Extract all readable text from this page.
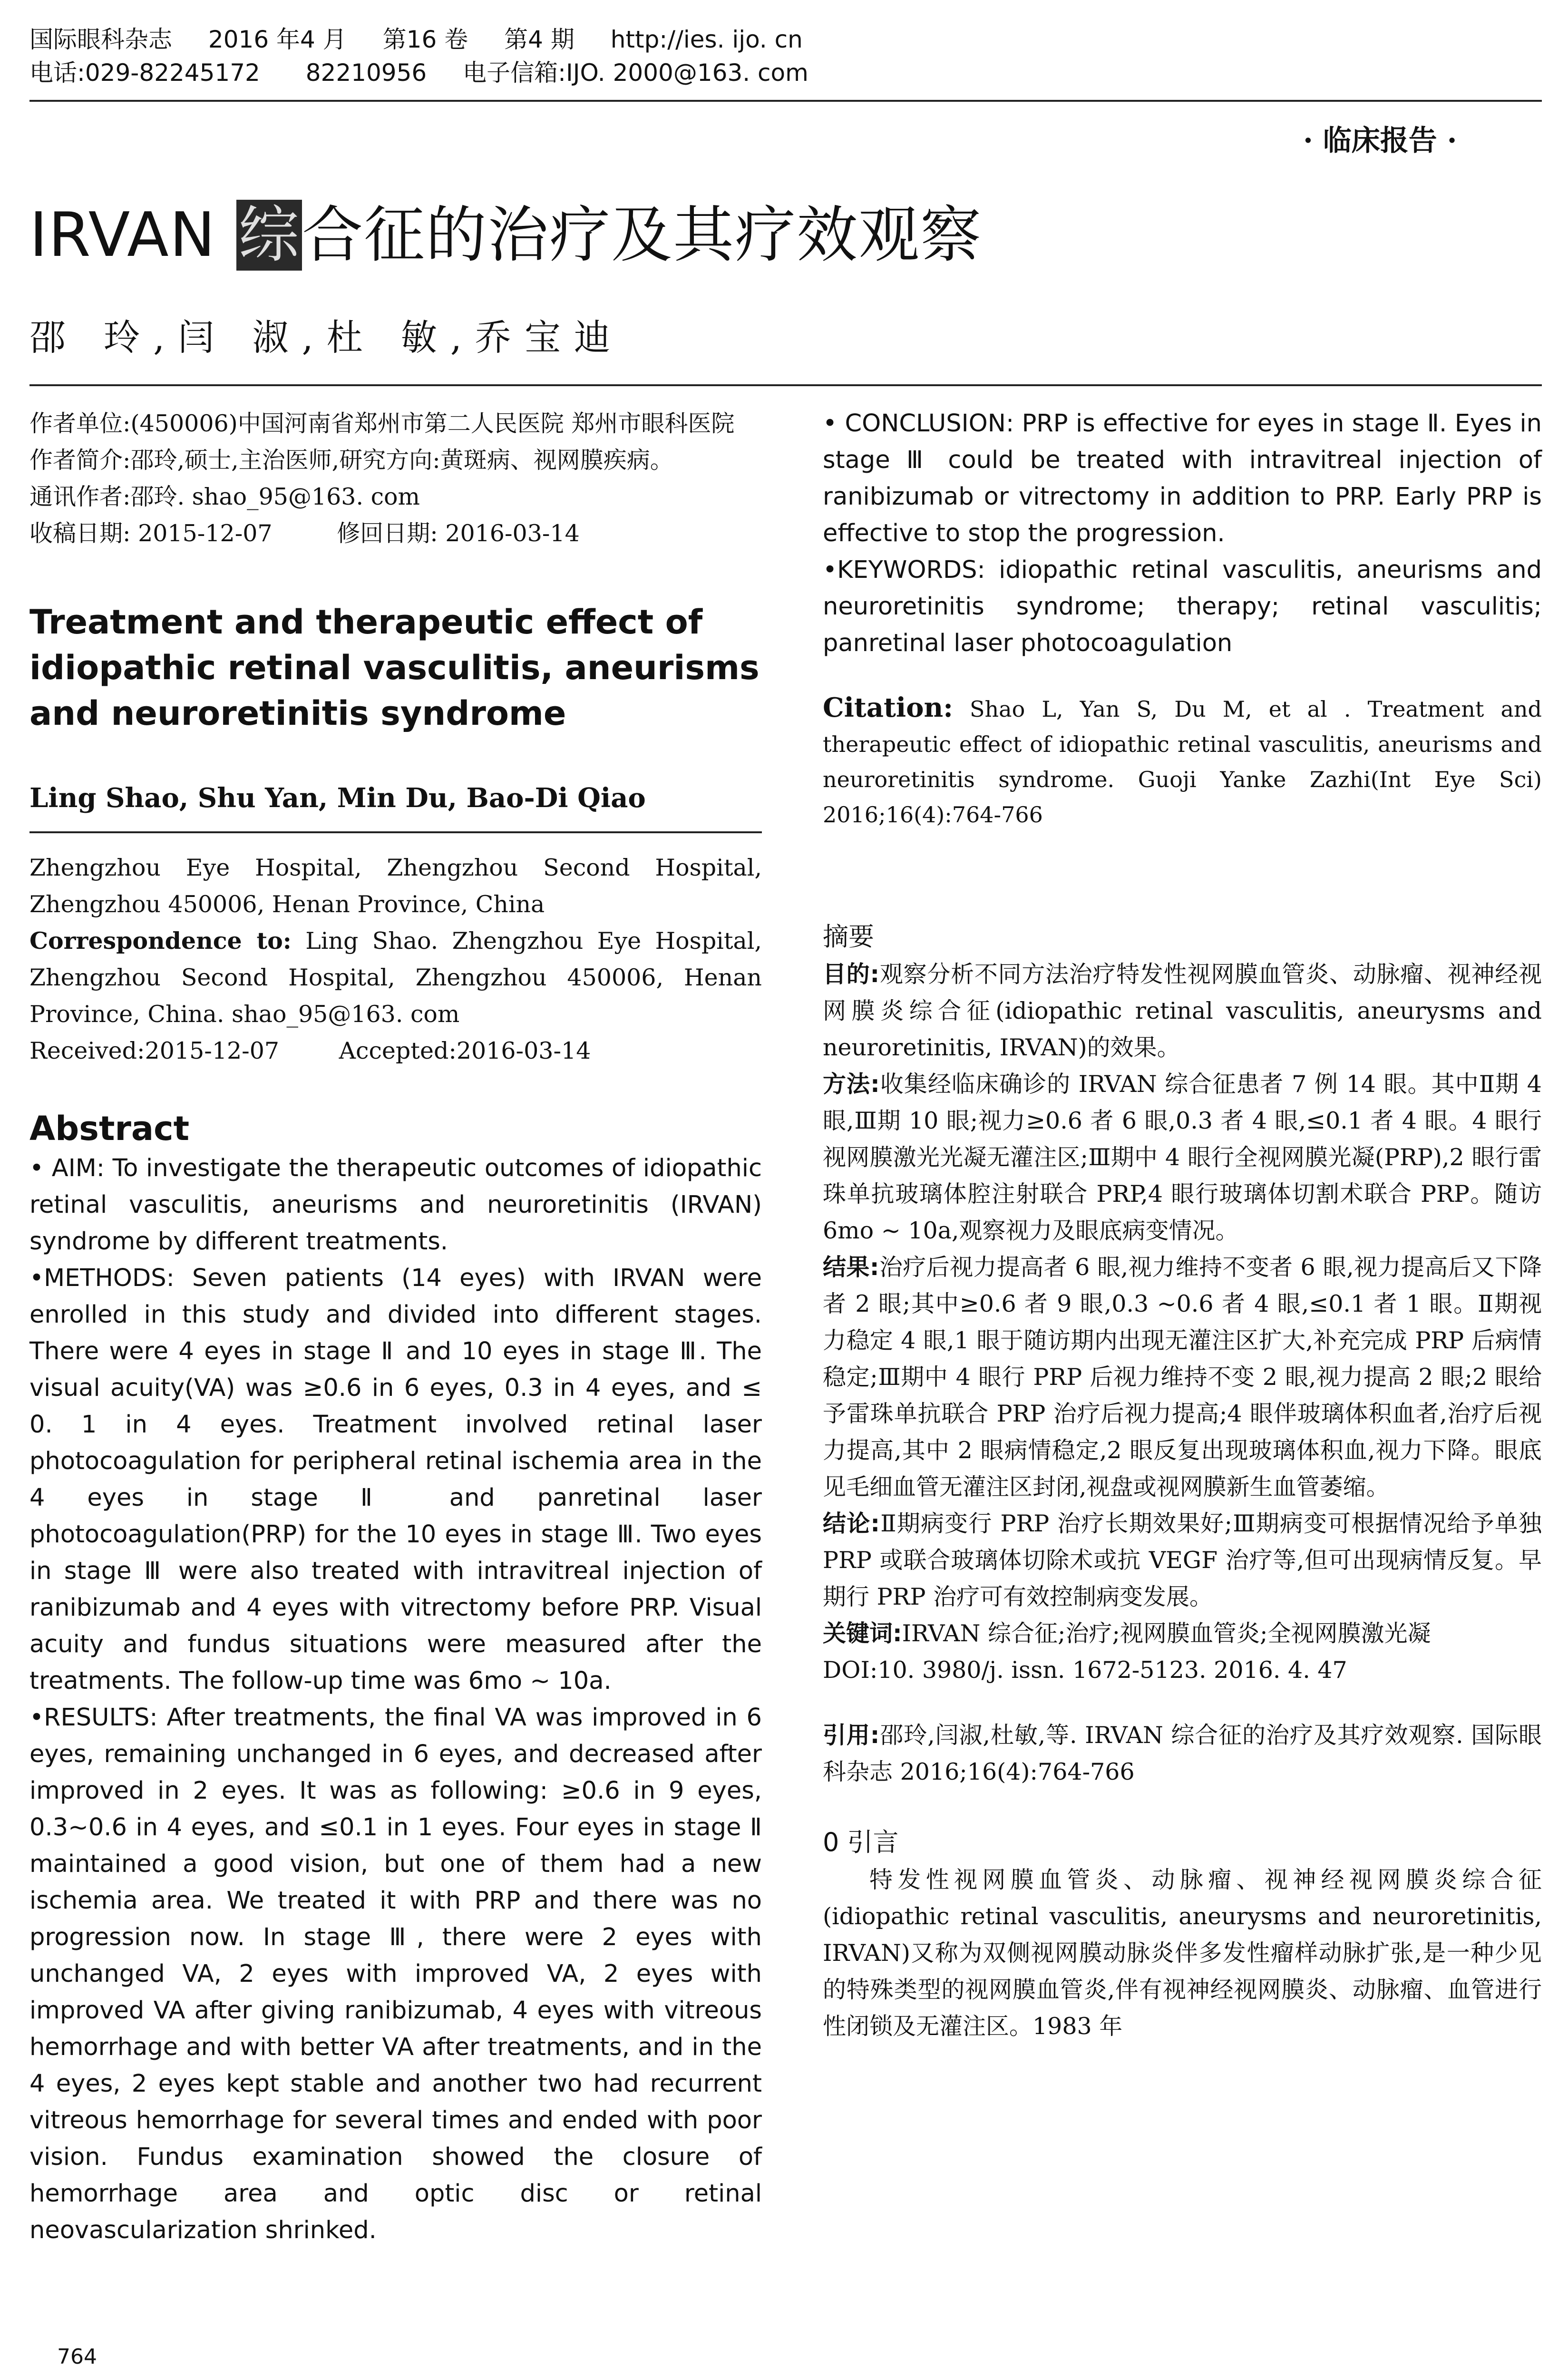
国际眼科杂志 2016 年4 月 第16 卷 第4 期 http://ies. ijo. cn
电话:029-82245172 82210956 电子信箱:IJO. 2000@163. com
· 临床报告 ·
IRVAN 综合征的治疗及其疗效观察
邵 玲,闫 淑,杜 敏,乔宝迪

作者单位:(450006)中国河南省郑州市第二人民医院 郑州市眼科医院

作者简介:邵玲,硕士,主治医师,研究方向:黄斑病、视网膜疾病。

通讯作者:邵玲. shao_95@163. com

收稿日期: 2015-12-07	修回日期: 2016-03-14

Treatment and therapeutic effect of idiopathic retinal vasculitis, aneurisms and neuroretinitis syndrome

Ling Shao, Shu Yan, Min Du, Bao-Di Qiao

Zhengzhou Eye Hospital, Zhengzhou Second Hospital, Zhengzhou 450006, Henan Province, China

Correspondence to: Ling Shao. Zhengzhou Eye Hospital, Zhengzhou Second Hospital, Zhengzhou 450006, Henan Province, China. shao_95@163. com

Received:2015-12-07	Accepted:2016-03-14

Abstract

• AIM: To investigate the therapeutic outcomes of idiopathic retinal vasculitis, aneurisms and neuroretinitis (IRVAN) syndrome by different treatments.

•METHODS: Seven patients (14 eyes) with IRVAN were enrolled in this study and divided into different stages. There were 4 eyes in stage Ⅱ and 10 eyes in stage Ⅲ. The visual acuity(VA) was ≥0.6 in 6 eyes, 0.3 in 4 eyes, and ≤ 0. 1 in 4 eyes. Treatment involved retinal laser photocoagulation for peripheral retinal ischemia area in the 4 eyes in stage Ⅱ and panretinal laser photocoagulation(PRP) for the 10 eyes in stage Ⅲ. Two eyes in stage Ⅲ were also treated with intravitreal injection of ranibizumab and 4 eyes with vitrectomy before PRP. Visual acuity and fundus situations were measured after the treatments. The follow-up time was 6mo ~ 10a.

•RESULTS: After treatments, the final VA was improved in 6 eyes, remaining unchanged in 6 eyes, and decreased after improved in 2 eyes. It was as following: ≥0.6 in 9 eyes, 0.3~0.6 in 4 eyes, and ≤0.1 in 1 eyes. Four eyes in stage Ⅱ maintained a good vision, but one of them had a new ischemia area. We treated it with PRP and there was no progression now. In stage Ⅲ, there were 2 eyes with unchanged VA, 2 eyes with improved VA, 2 eyes with improved VA after giving ranibizumab, 4 eyes with vitreous hemorrhage and with better VA after treatments, and in the 4 eyes, 2 eyes kept stable and another two had recurrent vitreous hemorrhage for several times and ended with poor vision. Fundus examination showed the closure of hemorrhage area and optic disc or retinal neovascularization shrinked.

764

• CONCLUSION: PRP is effective for eyes in stage Ⅱ. Eyes in stage Ⅲ could be treated with intravitreal injection of ranibizumab or vitrectomy in addition to PRP. Early PRP is effective to stop the progression.

•KEYWORDS: idiopathic retinal vasculitis, aneurisms and neuroretinitis syndrome; therapy; retinal vasculitis; panretinal laser photocoagulation

Citation: Shao L, Yan S, Du M, et al . Treatment and therapeutic effect of idiopathic retinal vasculitis, aneurisms and neuroretinitis syndrome. Guoji Yanke Zazhi(Int Eye Sci) 2016;16(4):764-766

摘要

目的:观察分析不同方法治疗特发性视网膜血管炎、动脉瘤、视神经视网膜炎综合征(idiopathic retinal vasculitis, aneurysms and neuroretinitis, IRVAN)的效果。

方法:收集经临床确诊的 IRVAN 综合征患者 7 例 14 眼。其中Ⅱ期 4 眼,Ⅲ期 10 眼;视力≥0.6 者 6 眼,0.3 者 4 眼,≤0.1 者 4 眼。4 眼行视网膜激光光凝无灌注区;Ⅲ期中 4 眼行全视网膜光凝(PRP),2 眼行雷珠单抗玻璃体腔注射联合 PRP,4 眼行玻璃体切割术联合 PRP。随访 6mo ~ 10a,观察视力及眼底病变情况。

结果:治疗后视力提高者 6 眼,视力维持不变者 6 眼,视力提高后又下降者 2 眼;其中≥0.6 者 9 眼,0.3 ~0.6 者 4 眼,≤0.1 者 1 眼。Ⅱ期视力稳定 4 眼,1 眼于随访期内出现无灌注区扩大,补充完成 PRP 后病情稳定;Ⅲ期中 4 眼行 PRP 后视力维持不变 2 眼,视力提高 2 眼;2 眼给予雷珠单抗联合 PRP 治疗后视力提高;4 眼伴玻璃体积血者,治疗后视力提高,其中 2 眼病情稳定,2 眼反复出现玻璃体积血,视力下降。眼底见毛细血管无灌注区封闭,视盘或视网膜新生血管萎缩。

结论:Ⅱ期病变行 PRP 治疗长期效果好;Ⅲ期病变可根据情况给予单独 PRP 或联合玻璃体切除术或抗 VEGF 治疗等,但可出现病情反复。早期行 PRP 治疗可有效控制病变发展。

关键词:IRVAN 综合征;治疗;视网膜血管炎;全视网膜激光凝

DOI:10. 3980/j. issn. 1672-5123. 2016. 4. 47

引用:邵玲,闫淑,杜敏,等. IRVAN 综合征的治疗及其疗效观察. 国际眼科杂志 2016;16(4):764-766

0 引言

特发性视网膜血管炎、动脉瘤、视神经视网膜炎综合征(idiopathic retinal vasculitis, aneurysms and neuroretinitis, IRVAN)又称为双侧视网膜动脉炎伴多发性瘤样动脉扩张,是一种少见的特殊类型的视网膜血管炎,伴有视神经视网膜炎、动脉瘤、血管进行性闭锁及无灌注区。1983 年
